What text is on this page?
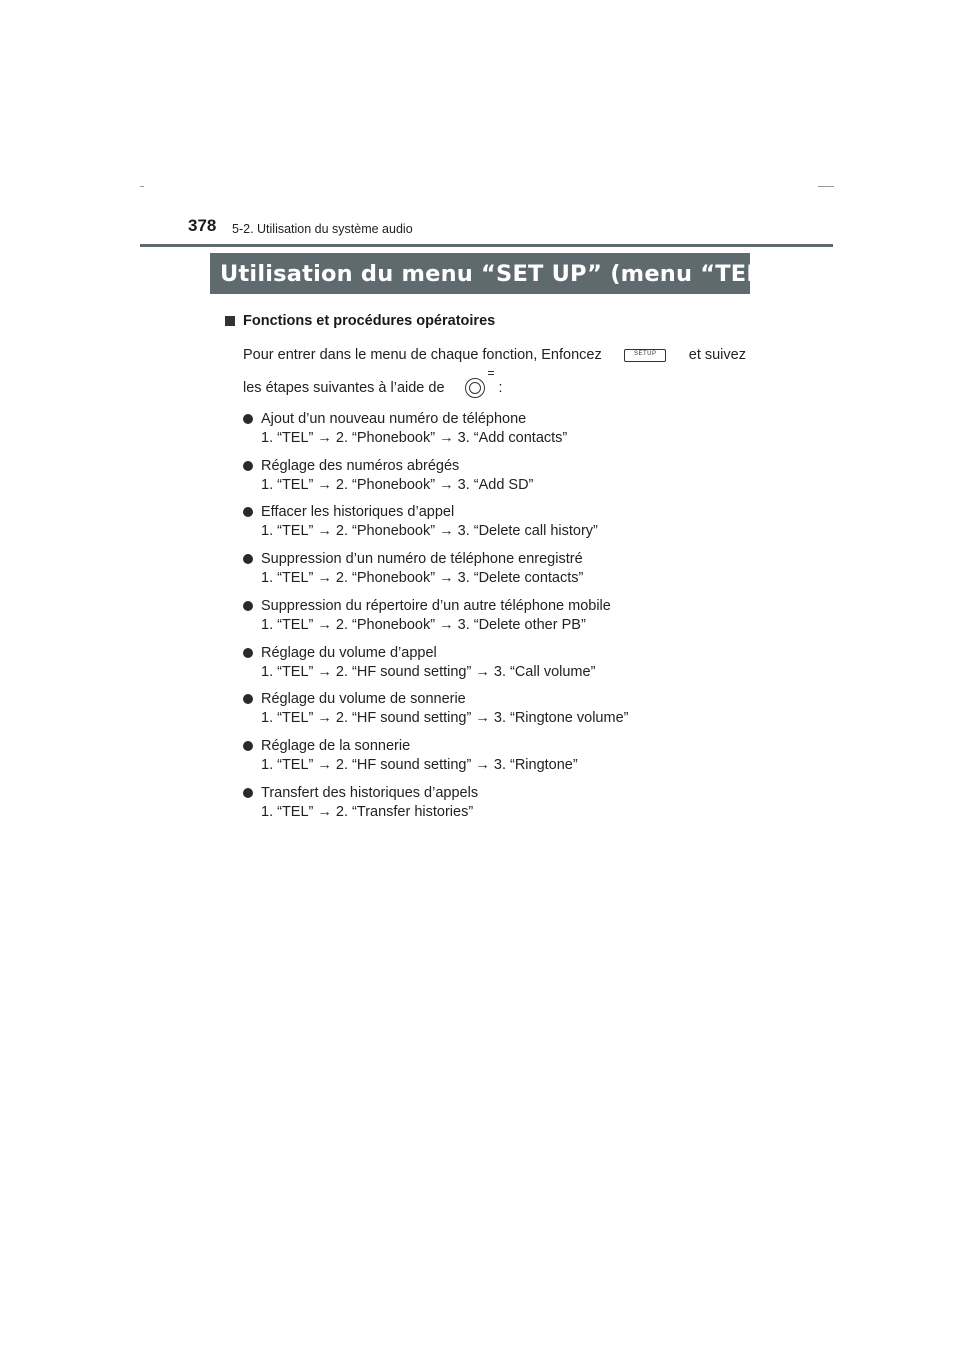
378 5-2. Utilisation du système audio
Utilisation du menu “SET UP” (menu “TEL”)
Fonctions et procédures opératoires
Pour entrer dans le menu de chaque fonction, Enfoncez
SETUP	et suivez
les étapes suivantes à l’aide de	:
Ajout d’un nouveau numéro de téléphone
1. “TEL” → 2. “Phonebook” → 3. “Add contacts”
Réglage des numéros abrégés
1. “TEL” → 2. “Phonebook” → 3. “Add SD”
Effacer les historiques d’appel
1. “TEL” → 2. “Phonebook” → 3. “Delete call history”
Suppression d’un numéro de téléphone enregistré
1. “TEL” → 2. “Phonebook” → 3. “Delete contacts”
Suppression du répertoire d’un autre téléphone mobile
1. “TEL” → 2. “Phonebook” → 3. “Delete other PB”
Réglage du volume d’appel
1. “TEL” → 2. “HF sound setting” → 3. “Call volume”
Réglage du volume de sonnerie
1. “TEL” → 2. “HF sound setting” → 3. “Ringtone volume”
Réglage de la sonnerie
1. “TEL” → 2. “HF sound setting” → 3. “Ringtone”
Transfert des historiques d’appels
1. “TEL” → 2. “Transfer histories”
